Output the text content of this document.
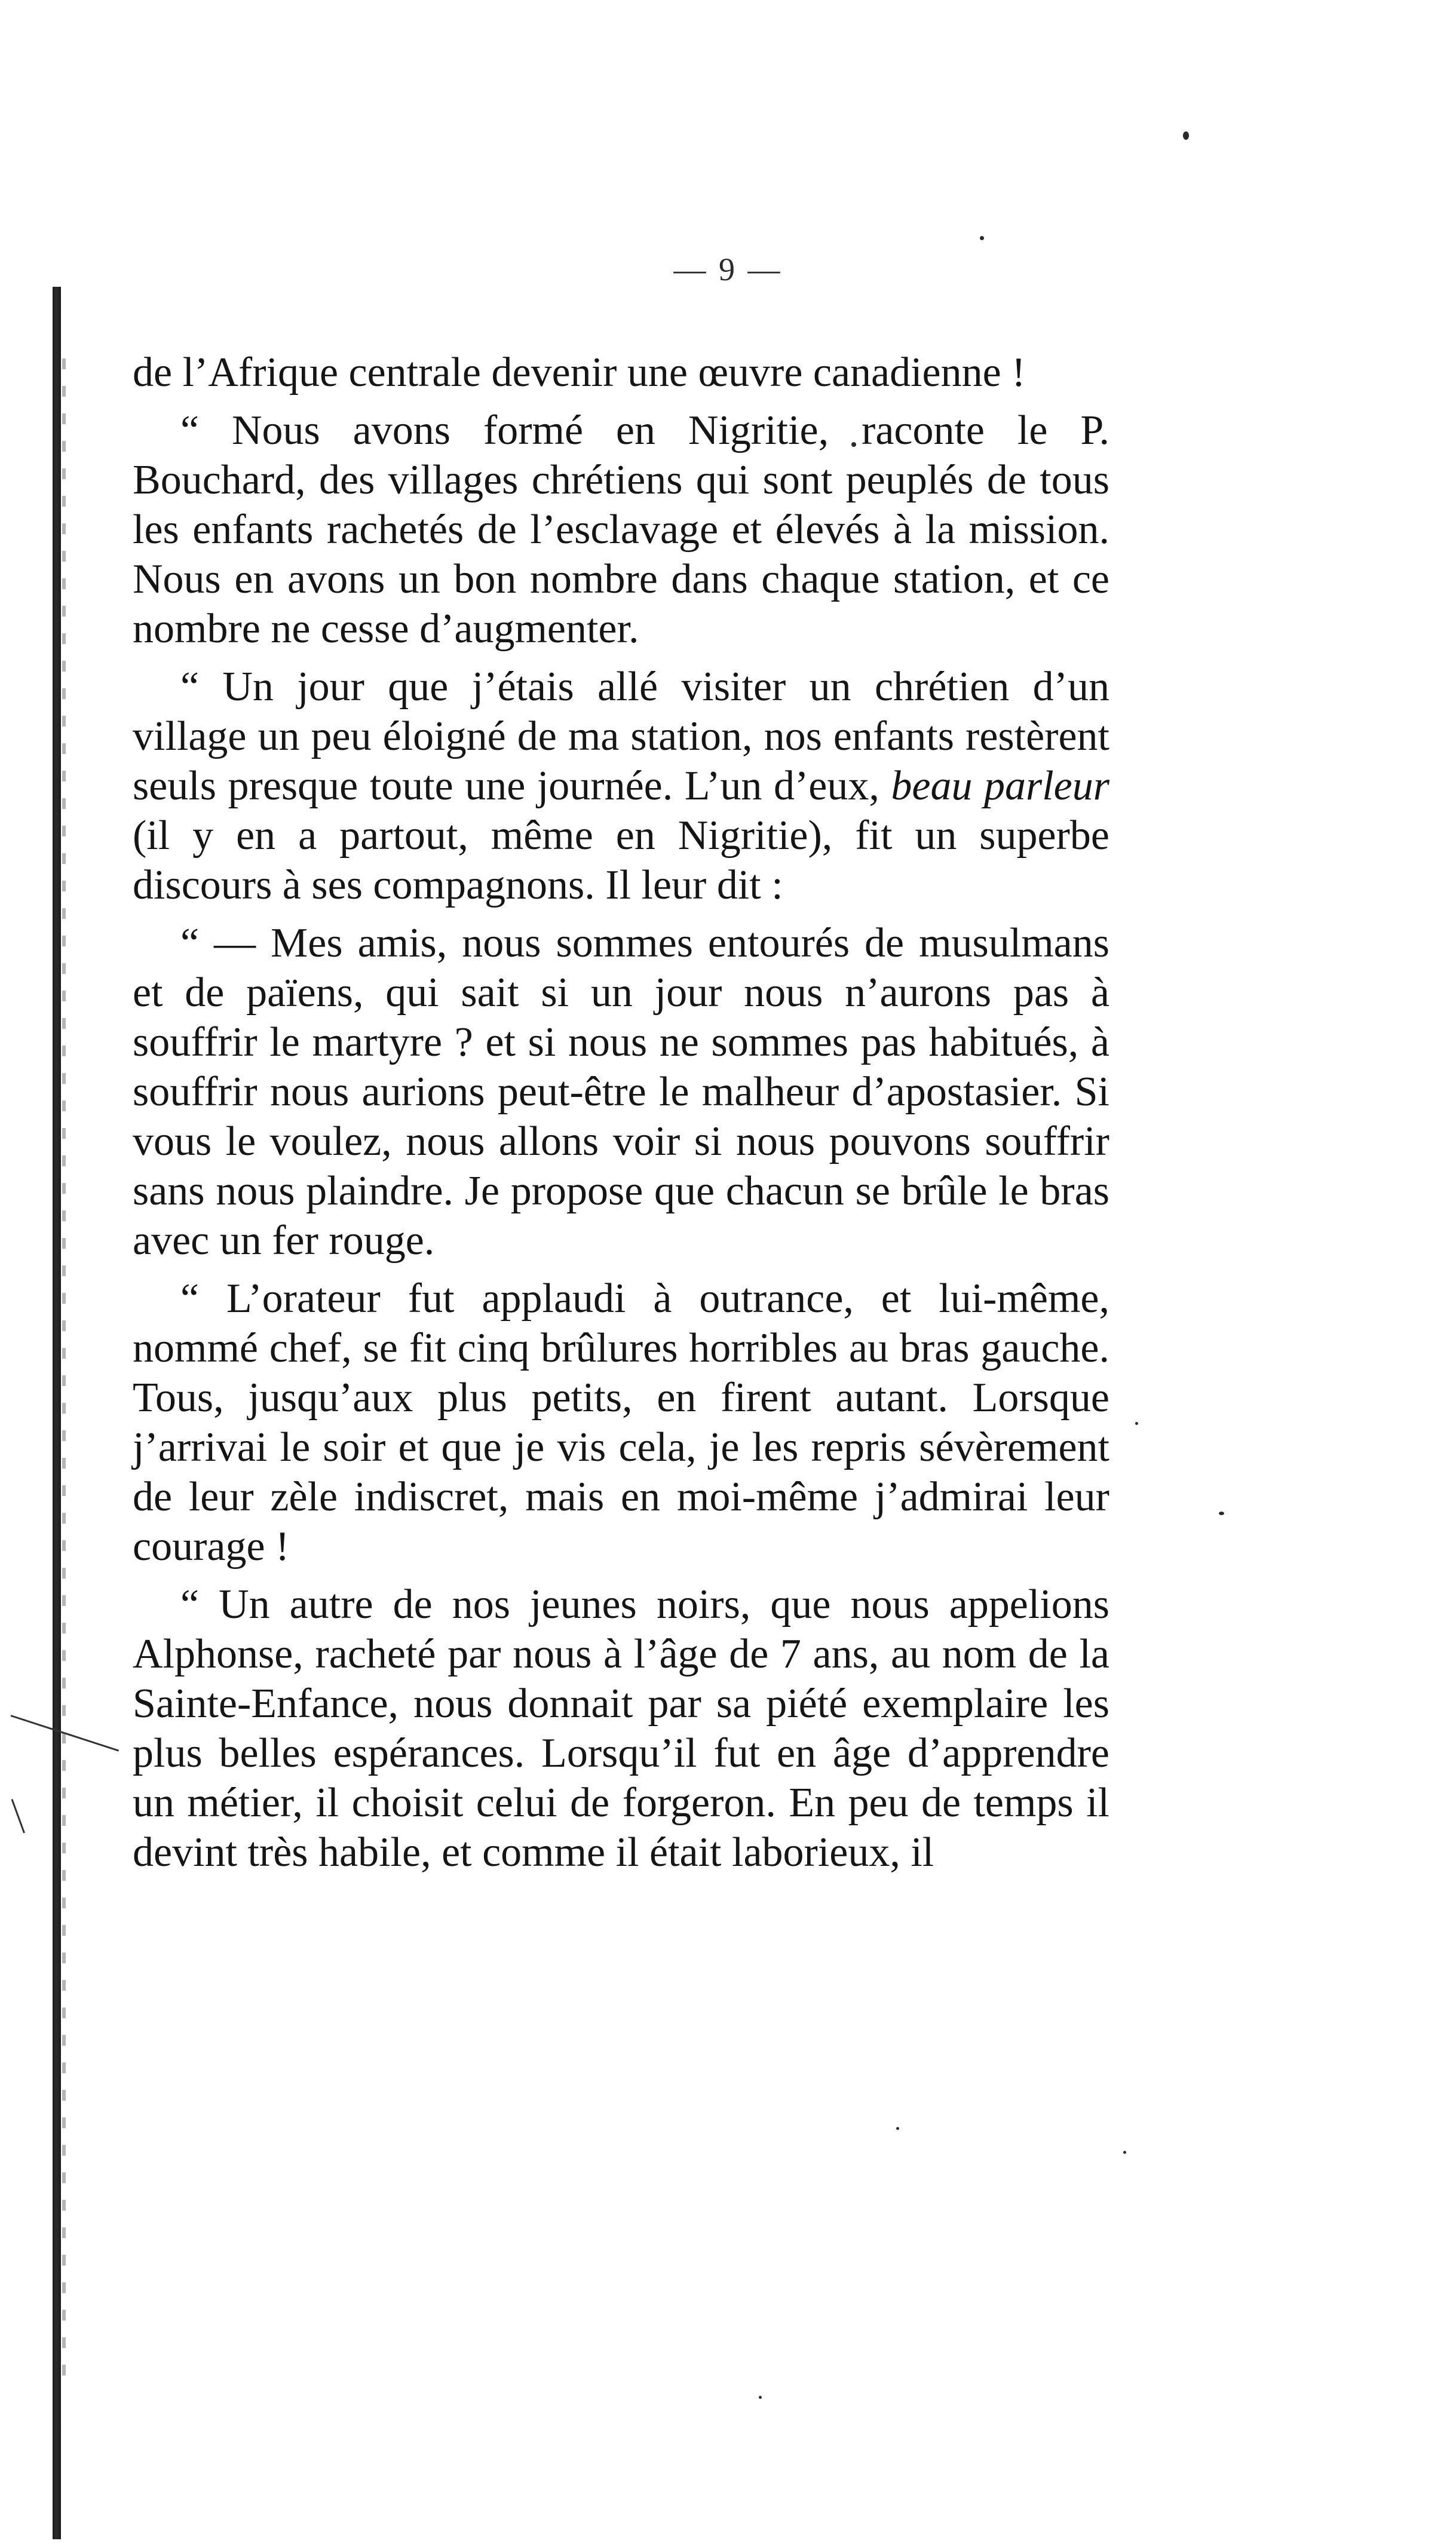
— 9 —

de l’Afrique centrale devenir une œuvre canadienne !

“ Nous avons formé en Nigritie, raconte le P. Bouchard, des villages chrétiens qui sont peuplés de tous les enfants rachetés de l’esclavage et élevés à la mission. Nous en avons un bon nombre dans chaque station, et ce nombre ne cesse d’augmenter.

“ Un jour que j’étais allé visiter un chrétien d’un village un peu éloigné de ma station, nos enfants restèrent seuls presque toute une journée. L’un d’eux, beau parleur (il y en a partout, même en Nigritie), fit un superbe discours à ses compagnons. Il leur dit :

“ — Mes amis, nous sommes entourés de musulmans et de païens, qui sait si un jour nous n’aurons pas à souffrir le martyre ? et si nous ne sommes pas habitués, à souffrir nous aurions peut-être le malheur d’apostasier. Si vous le voulez, nous allons voir si nous pouvons souffrir sans nous plaindre. Je propose que chacun se brûle le bras avec un fer rouge.

“ L’orateur fut applaudi à outrance, et lui-même, nommé chef, se fit cinq brûlures horribles au bras gauche. Tous, jusqu’aux plus petits, en firent autant. Lorsque j’arrivai le soir et que je vis cela, je les repris sévèrement de leur zèle indiscret, mais en moi-même j’admirai leur courage !

“ Un autre de nos jeunes noirs, que nous appelions Alphonse, racheté par nous à l’âge de 7 ans, au nom de la Sainte-Enfance, nous donnait par sa piété exemplaire les plus belles espérances. Lorsqu’il fut en âge d’apprendre un métier, il choisit celui de forgeron. En peu de temps il devint très habile, et comme il était laborieux, il
